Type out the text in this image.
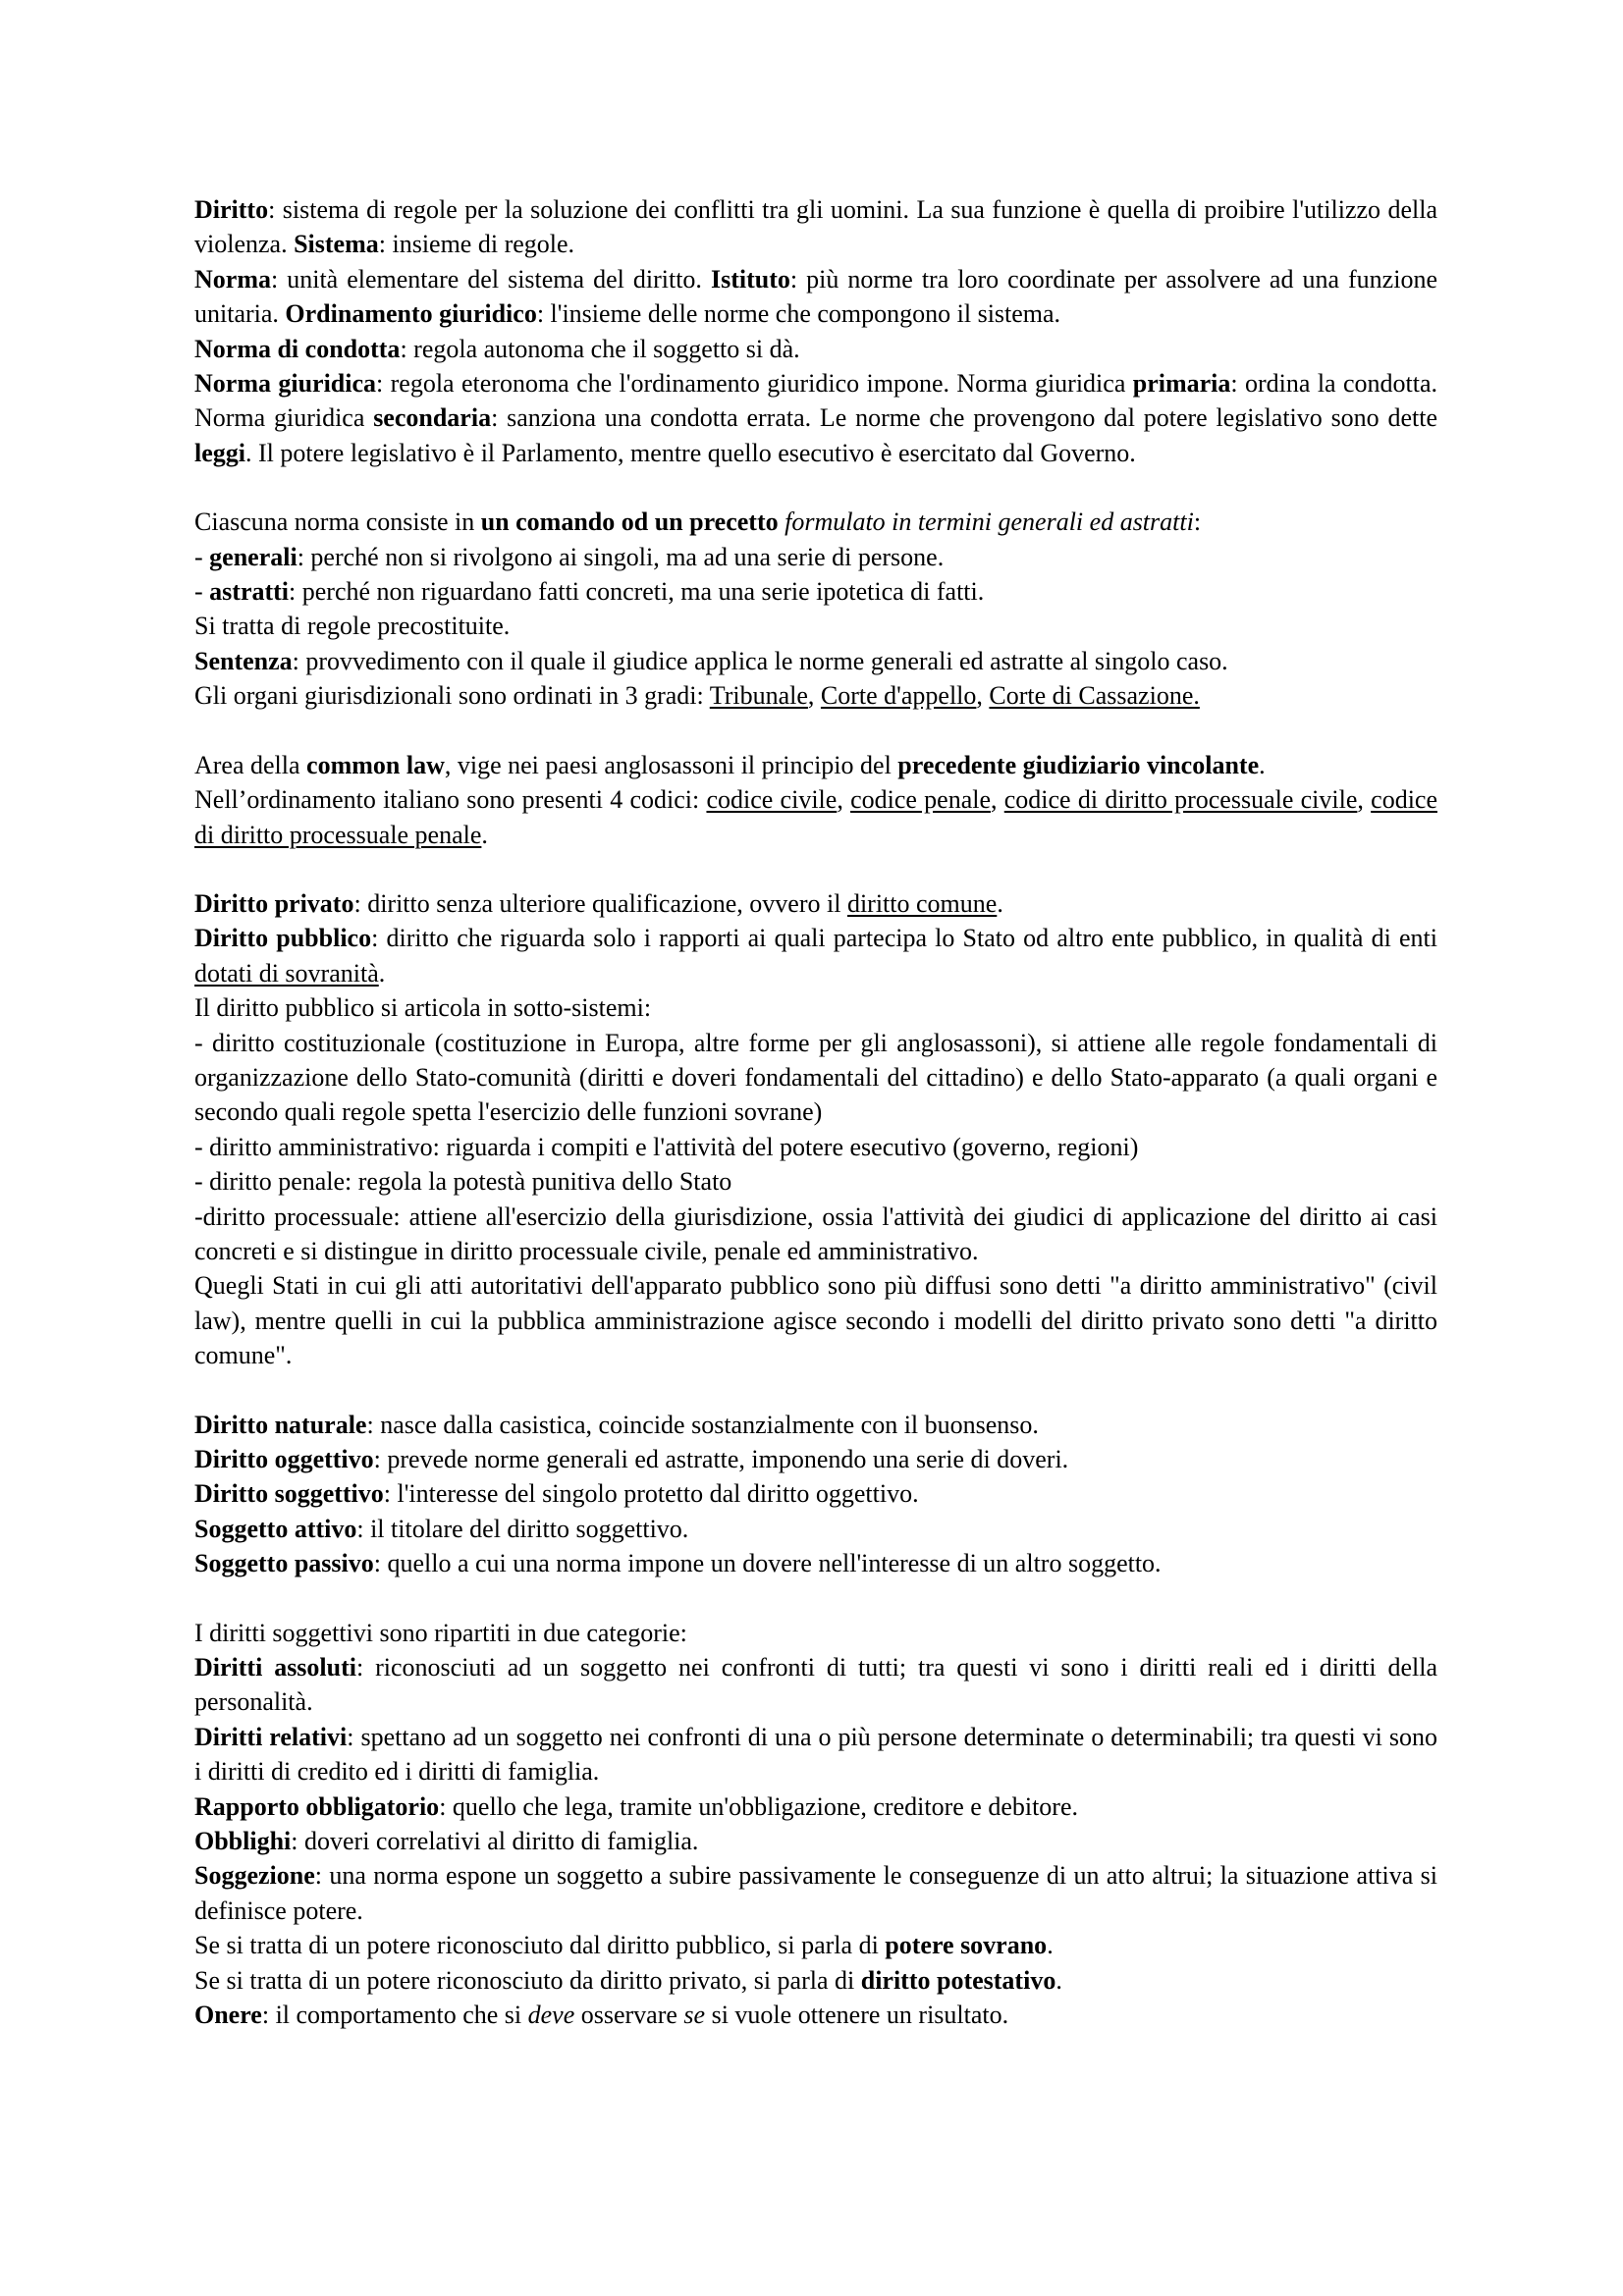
Diritto: sistema di regole per la soluzione dei conflitti tra gli uomini. La sua funzione è quella di proibire l'utilizzo della violenza. Sistema: insieme di regole.

Norma: unità elementare del sistema del diritto. Istituto: più norme tra loro coordinate per assolvere ad una funzione unitaria. Ordinamento giuridico: l'insieme delle norme che compongono il sistema.

Norma di condotta: regola autonoma che il soggetto si dà.

Norma giuridica: regola eteronoma che l'ordinamento giuridico impone. Norma giuridica primaria: ordina la condotta. Norma giuridica secondaria: sanziona una condotta errata. Le norme che provengono dal potere legislativo sono dette leggi. Il potere legislativo è il Parlamento, mentre quello esecutivo è esercitato dal Governo.

Ciascuna norma consiste in un comando od un precetto formulato in termini generali ed astratti:

- generali: perché non si rivolgono ai singoli, ma ad una serie di persone.

- astratti: perché non riguardano fatti concreti, ma una serie ipotetica di fatti.

Si tratta di regole precostituite.

Sentenza: provvedimento con il quale il giudice applica le norme generali ed astratte al singolo caso.

Gli organi giurisdizionali sono ordinati in 3 gradi: Tribunale, Corte d'appello, Corte di Cassazione.

Area della common law, vige nei paesi anglosassoni il principio del precedente giudiziario vincolante.

Nell’ordinamento italiano sono presenti 4 codici: codice civile, codice penale, codice di diritto processuale civile, codice di diritto processuale penale.

Diritto privato: diritto senza ulteriore qualificazione, ovvero il diritto comune.

Diritto pubblico: diritto che riguarda solo i rapporti ai quali partecipa lo Stato od altro ente pubblico, in qualità di enti dotati di sovranità.

Il diritto pubblico si articola in sotto-sistemi:

- diritto costituzionale (costituzione in Europa, altre forme per gli anglosassoni), si attiene alle regole fondamentali di organizzazione dello Stato-comunità (diritti e doveri fondamentali del cittadino) e dello Stato-apparato (a quali organi e secondo quali regole spetta l'esercizio delle funzioni sovrane)

- diritto amministrativo: riguarda i compiti e l'attività del potere esecutivo (governo, regioni)

- diritto penale: regola la potestà punitiva dello Stato

-diritto processuale: attiene all'esercizio della giurisdizione, ossia l'attività dei giudici di applicazione del diritto ai casi concreti e si distingue in diritto processuale civile, penale ed amministrativo.

Quegli Stati in cui gli atti autoritativi dell'apparato pubblico sono più diffusi sono detti "a diritto amministrativo" (civil law), mentre quelli in cui la pubblica amministrazione agisce secondo i modelli del diritto privato sono detti "a diritto comune".

Diritto naturale: nasce dalla casistica, coincide sostanzialmente con il buonsenso.

Diritto oggettivo: prevede norme generali ed astratte, imponendo una serie di doveri.

Diritto soggettivo: l'interesse del singolo protetto dal diritto oggettivo.

Soggetto attivo: il titolare del diritto soggettivo.

Soggetto passivo: quello a cui una norma impone un dovere nell'interesse di un altro soggetto.

I diritti soggettivi sono ripartiti in due categorie:

Diritti assoluti: riconosciuti ad un soggetto nei confronti di tutti; tra questi vi sono i diritti reali ed i diritti della personalità.

Diritti relativi: spettano ad un soggetto nei confronti di una o più persone determinate o determinabili; tra questi vi sono i diritti di credito ed i diritti di famiglia.

Rapporto obbligatorio: quello che lega, tramite un'obbligazione, creditore e debitore.

Obblighi: doveri correlativi al diritto di famiglia.

Soggezione: una norma espone un soggetto a subire passivamente le conseguenze di un atto altrui; la situazione attiva si definisce potere.

Se si tratta di un potere riconosciuto dal diritto pubblico, si parla di potere sovrano.

Se si tratta di un potere riconosciuto da diritto privato, si parla di diritto potestativo.

Onere: il comportamento che si deve osservare se si vuole ottenere un risultato.
